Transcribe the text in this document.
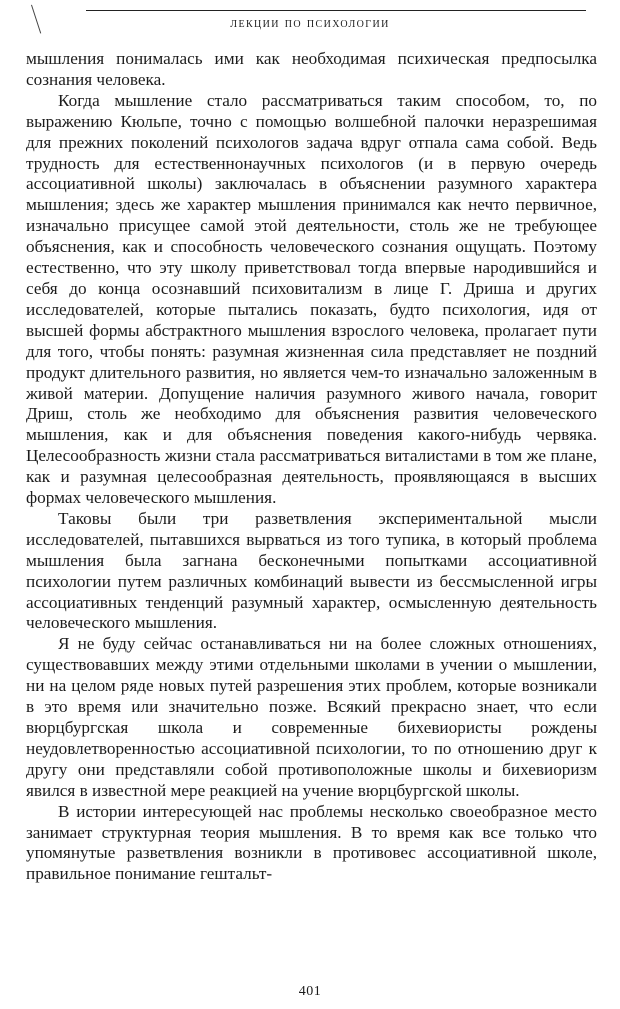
лекции по психологии

мышления понималась ими как необходимая психическая предпосылка сознания человека.

Когда мышление стало рассматриваться таким способом, то, по выражению Кюльпе, точно с помощью волшебной палочки неразрешимая для прежних поколений психологов задача вдруг отпала сама собой. Ведь трудность для естественнонаучных психологов (и в первую очередь ассоциативной школы) заключалась в объяснении разумного характера мышления; здесь же характер мышления принимался как нечто первичное, изначально присущее самой этой деятельности, столь же не требующее объяснения, как и способность человеческого сознания ощущать. Поэтому естественно, что эту школу приветствовал тогда впервые народившийся и себя до конца осознавший психовитализм в лице Г. Дриша и других исследователей, которые пытались показать, будто психология, идя от высшей формы абстрактного мышления взрослого человека, пролагает пути для того, чтобы понять: разумная жизненная сила представляет не поздний продукт длительного развития, но является чем-то изначально заложенным в живой материи. Допущение наличия разумного живого начала, говорит Дриш, столь же необходимо для объяснения развития человеческого мышления, как и для объяснения поведения какого-нибудь червяка. Целесообразность жизни стала рассматриваться виталистами в том же плане, как и разумная целесообразная деятельность, проявляющаяся в высших формах человеческого мышления.

Таковы были три разветвления экспериментальной мысли исследователей, пытавшихся вырваться из того тупика, в который проблема мышления была загнана бесконечными попытками ассоциативной психологии путем различных комбинаций вывести из бессмысленной игры ассоциативных тенденций разумный характер, осмысленную деятельность человеческого мышления.

Я не буду сейчас останавливаться ни на более сложных отношениях, существовавших между этими отдельными школами в учении о мышлении, ни на целом ряде новых путей разрешения этих проблем, которые возникали в это время или значительно позже. Всякий прекрасно знает, что если вюрцбургская школа и современные бихевиористы рождены неудовлетворенностью ассоциативной психологии, то по отношению друг к другу они представляли собой противоположные школы и бихевиоризм явился в известной мере реакцией на учение вюрцбургской школы.

В истории интересующей нас проблемы несколько своеобразное место занимает структурная теория мышления. В то время как все только что упомянутые разветвления возникли в противовес ассоциативной школе, правильное понимание гештальт-

401
